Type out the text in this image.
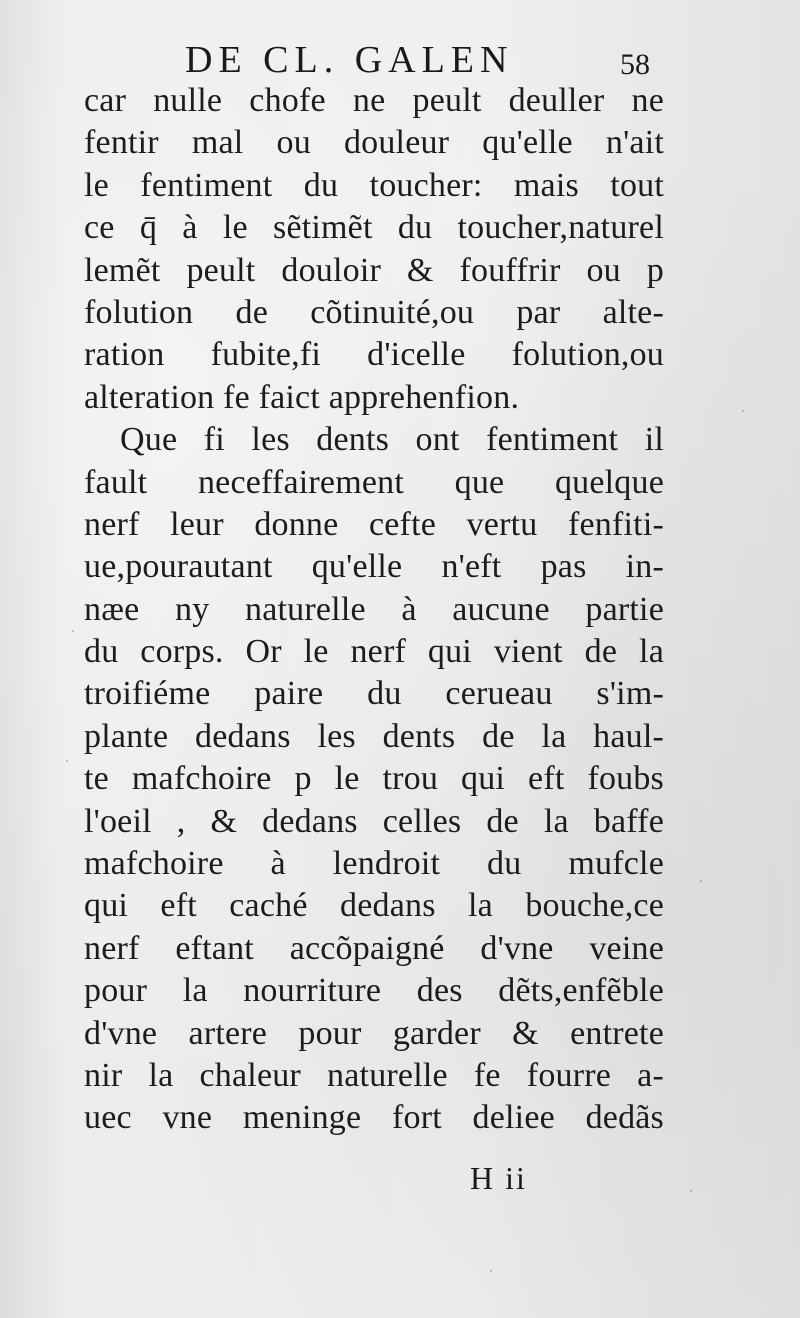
DE CL. GALEN	58
car nulle chofe ne peult deuller ne
fentir mal ou douleur qu'elle n'ait
le fentiment du toucher: mais tout
ce q̄ à le sẽtimẽt du toucher,naturel
lemẽt peult douloir & fouffrir ou p
folution de cõtinuité,ou par alte-
ration fubite,fi d'icelle folution,ou
alteration fe faict apprehenfion.
Que fi les dents ont fentiment il
fault neceffairement que quelque
nerf leur donne cefte vertu fenfiti-
ue,pourautant qu'elle n'eft pas in-
næe ny naturelle à aucune partie
du corps. Or le nerf qui vient de la
troifiéme paire du cerueau s'im-
plante dedans les dents de la haul-
te mafchoire p le trou qui eft foubs
l'oeil , & dedans celles de la baffe
mafchoire à lendroit du mufcle
qui eft caché dedans la bouche,ce
nerf eftant accõpaigné d'vne veine
pour la nourriture des dẽts,enfẽble
d'vne artere pour garder & entrete
nir la chaleur naturelle fe fourre a-
uec vne meninge fort deliee dedãs
H ii
